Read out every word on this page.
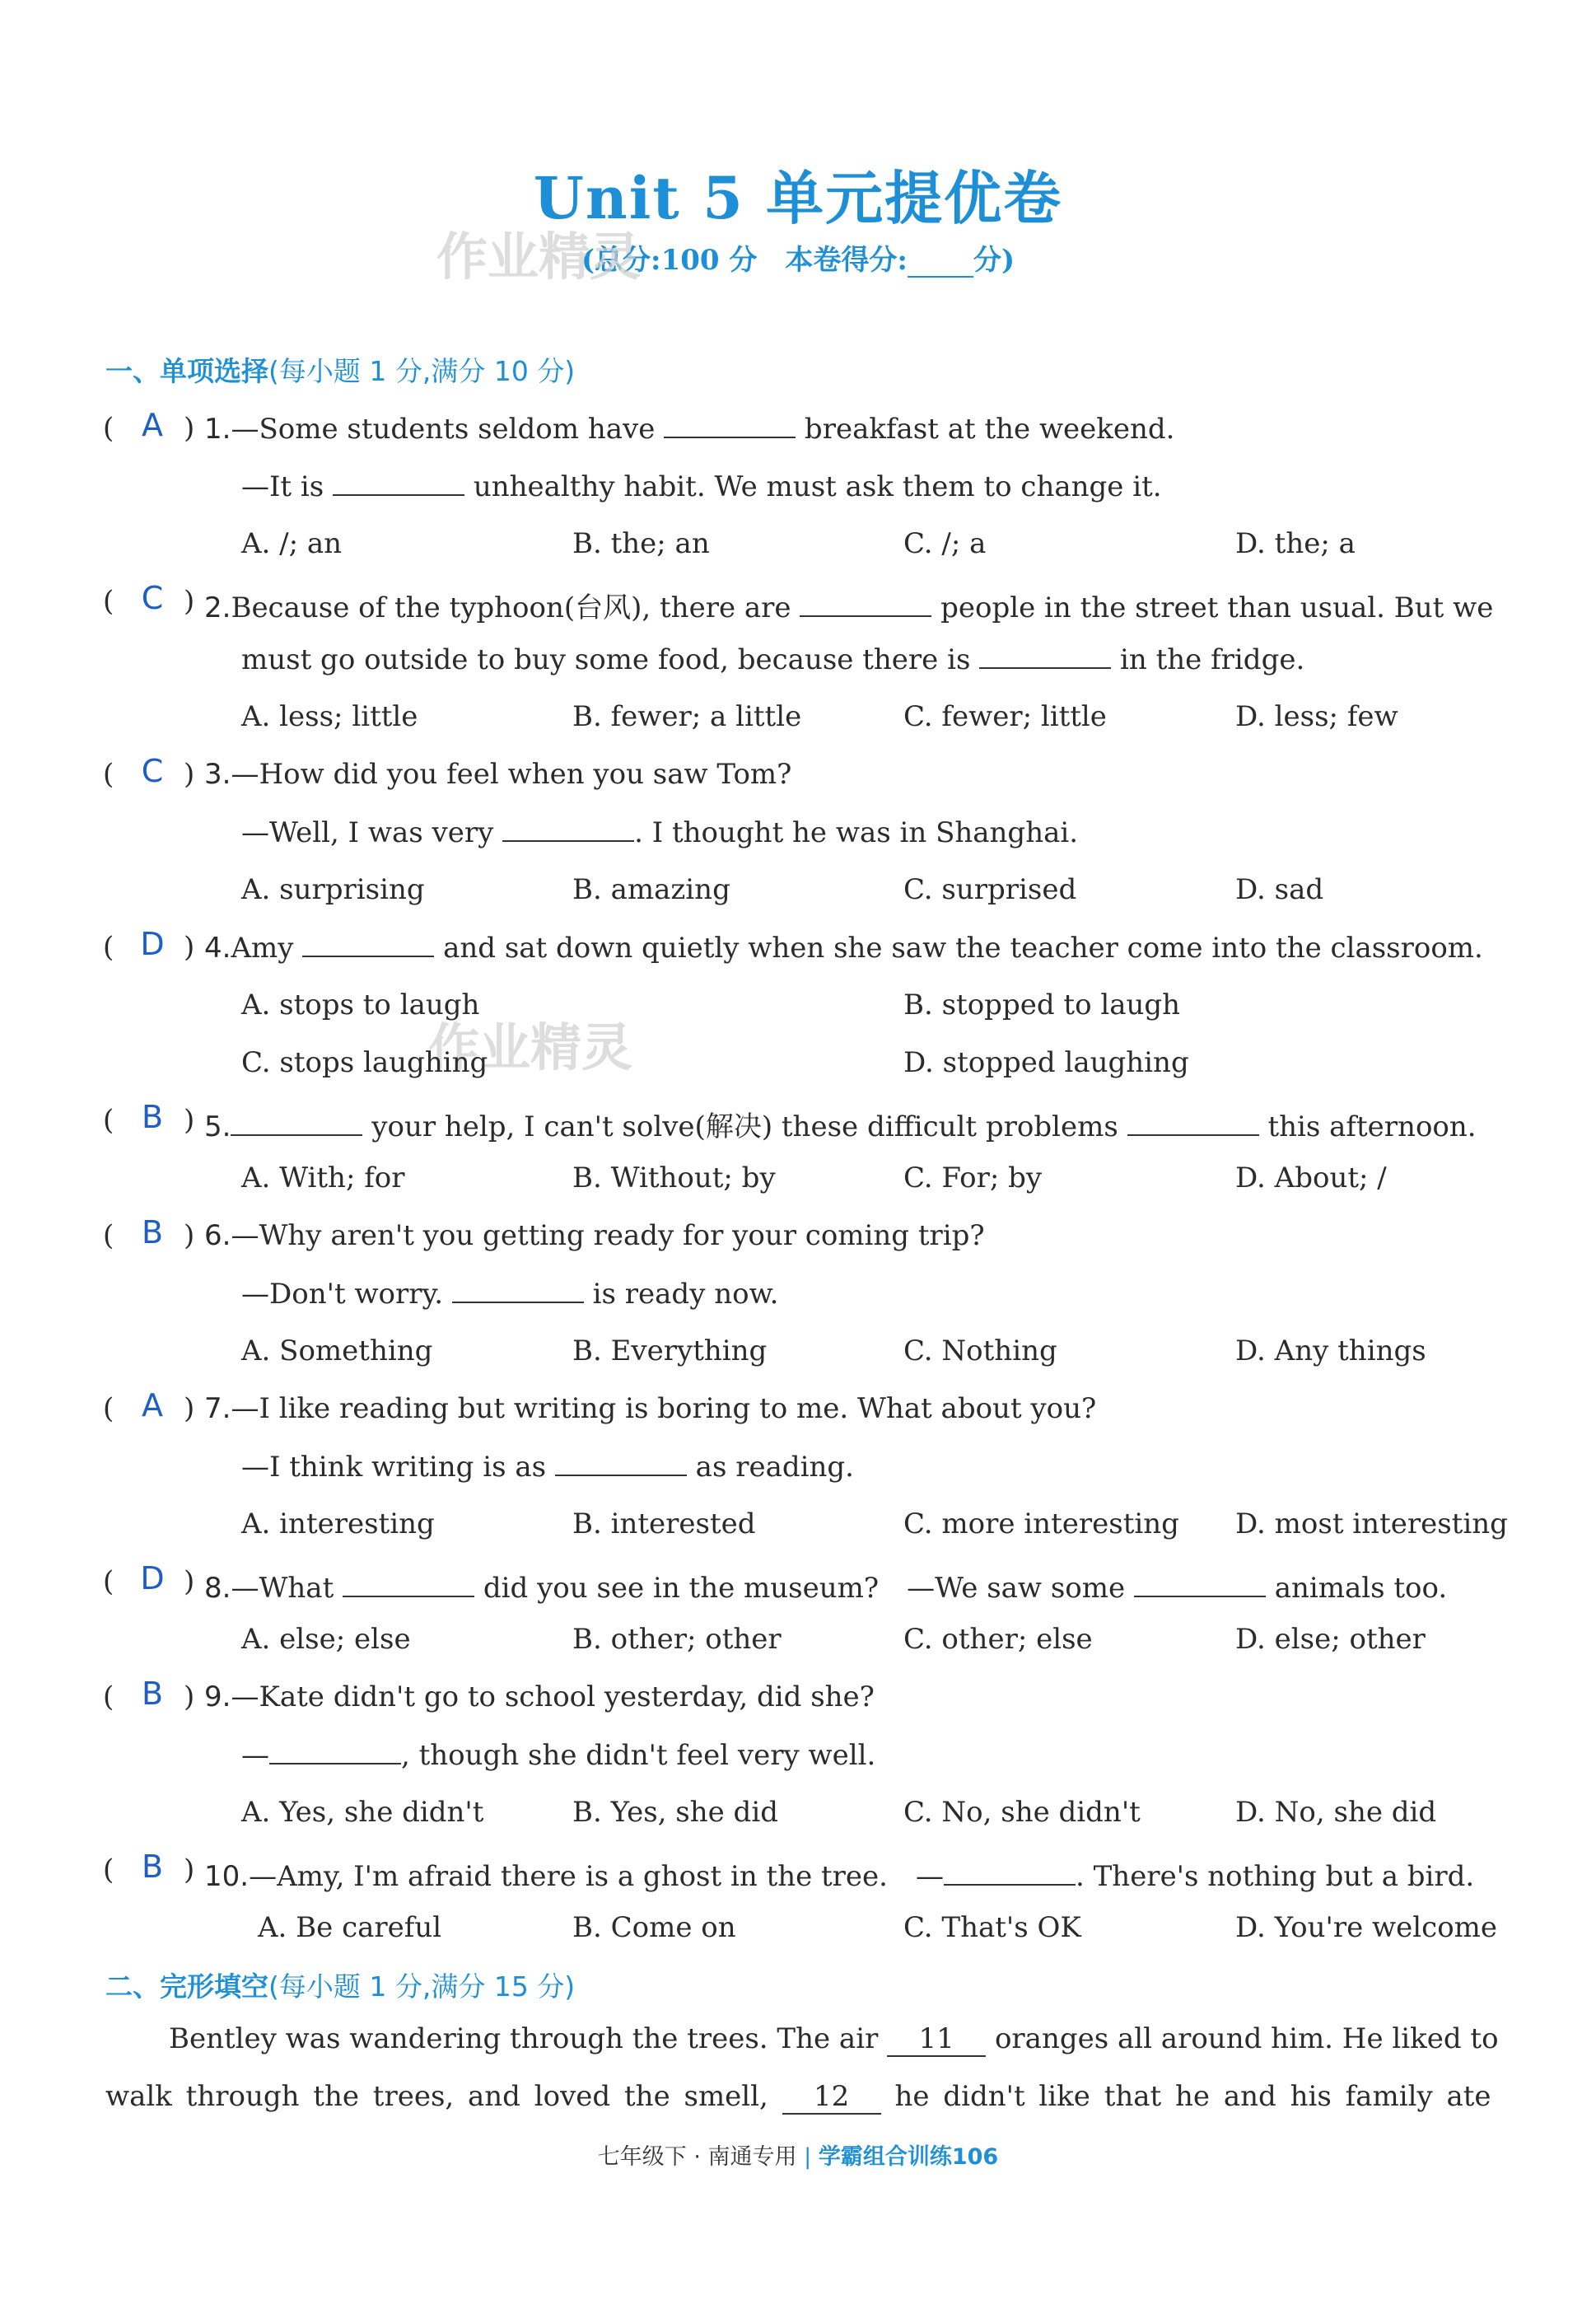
Unit 5 单元提优卷
(总分:100 分　本卷得分: 分)
作业精灵
作业精灵
一、单项选择(每小题 1 分,满分 10 分)
( A ) 1.—Some students seldom have	breakfast at the weekend.
—It is	unhealthy habit. We must ask them to change it.
A. /; an	B. the; an	C. /; a	D. the; a
( C ) 2.Because of the typhoon(台风), there are	people in the street than usual. But we
must go outside to buy some food, because there is	in the fridge.
A. less; little	B. fewer; a little	C. fewer; little	D. less; few
( C ) 3.—How did you feel when you saw Tom?
—Well, I was very	. I thought he was in Shanghai.
A. surprising	B. amazing	C. surprised	D. sad
( D ) 4.Amy	and sat down quietly when she saw the teacher come into the classroom.
A. stops to laugh	B. stopped to laugh
C. stops laughing	D. stopped laughing
( B ) 5.	your help, I can't solve(解决) these difficult problems	this afternoon.
A. With; for	B. Without; by	C. For; by	D. About; /
( B ) 6.—Why aren't you getting ready for your coming trip?
—Don't worry.	is ready now.
A. Something	B. Everything	C. Nothing	D. Any things
( A ) 7.—I like reading but writing is boring to me. What about you?
—I think writing is as	as reading.
A. interesting	B. interested	C. more interesting D. most interesting
( D ) 8.—What	did you see in the museum?　—We saw some	animals too.
A. else; else	B. other; other	C. other; else	D. else; other
( B ) 9.—Kate didn't go to school yesterday, did she?
—	, though she didn't feel very well.
A. Yes, she didn't	B. Yes, she did	C. No, she didn't	D. No, she did
( B ) 10.—Amy, I'm afraid there is a ghost in the tree.　—	. There's nothing but a bird.
A. Be careful	B. Come on	C. That's OK	D. You're welcome
二、完形填空(每小题 1 分,满分 15 分)
Bentley was wandering through the trees. The air 11 oranges all around him. He liked to
walk through the trees, and loved the smell, 12 he didn't like that he and his family ate
七年级下 · 南通专用 | 学霸组合训练106
